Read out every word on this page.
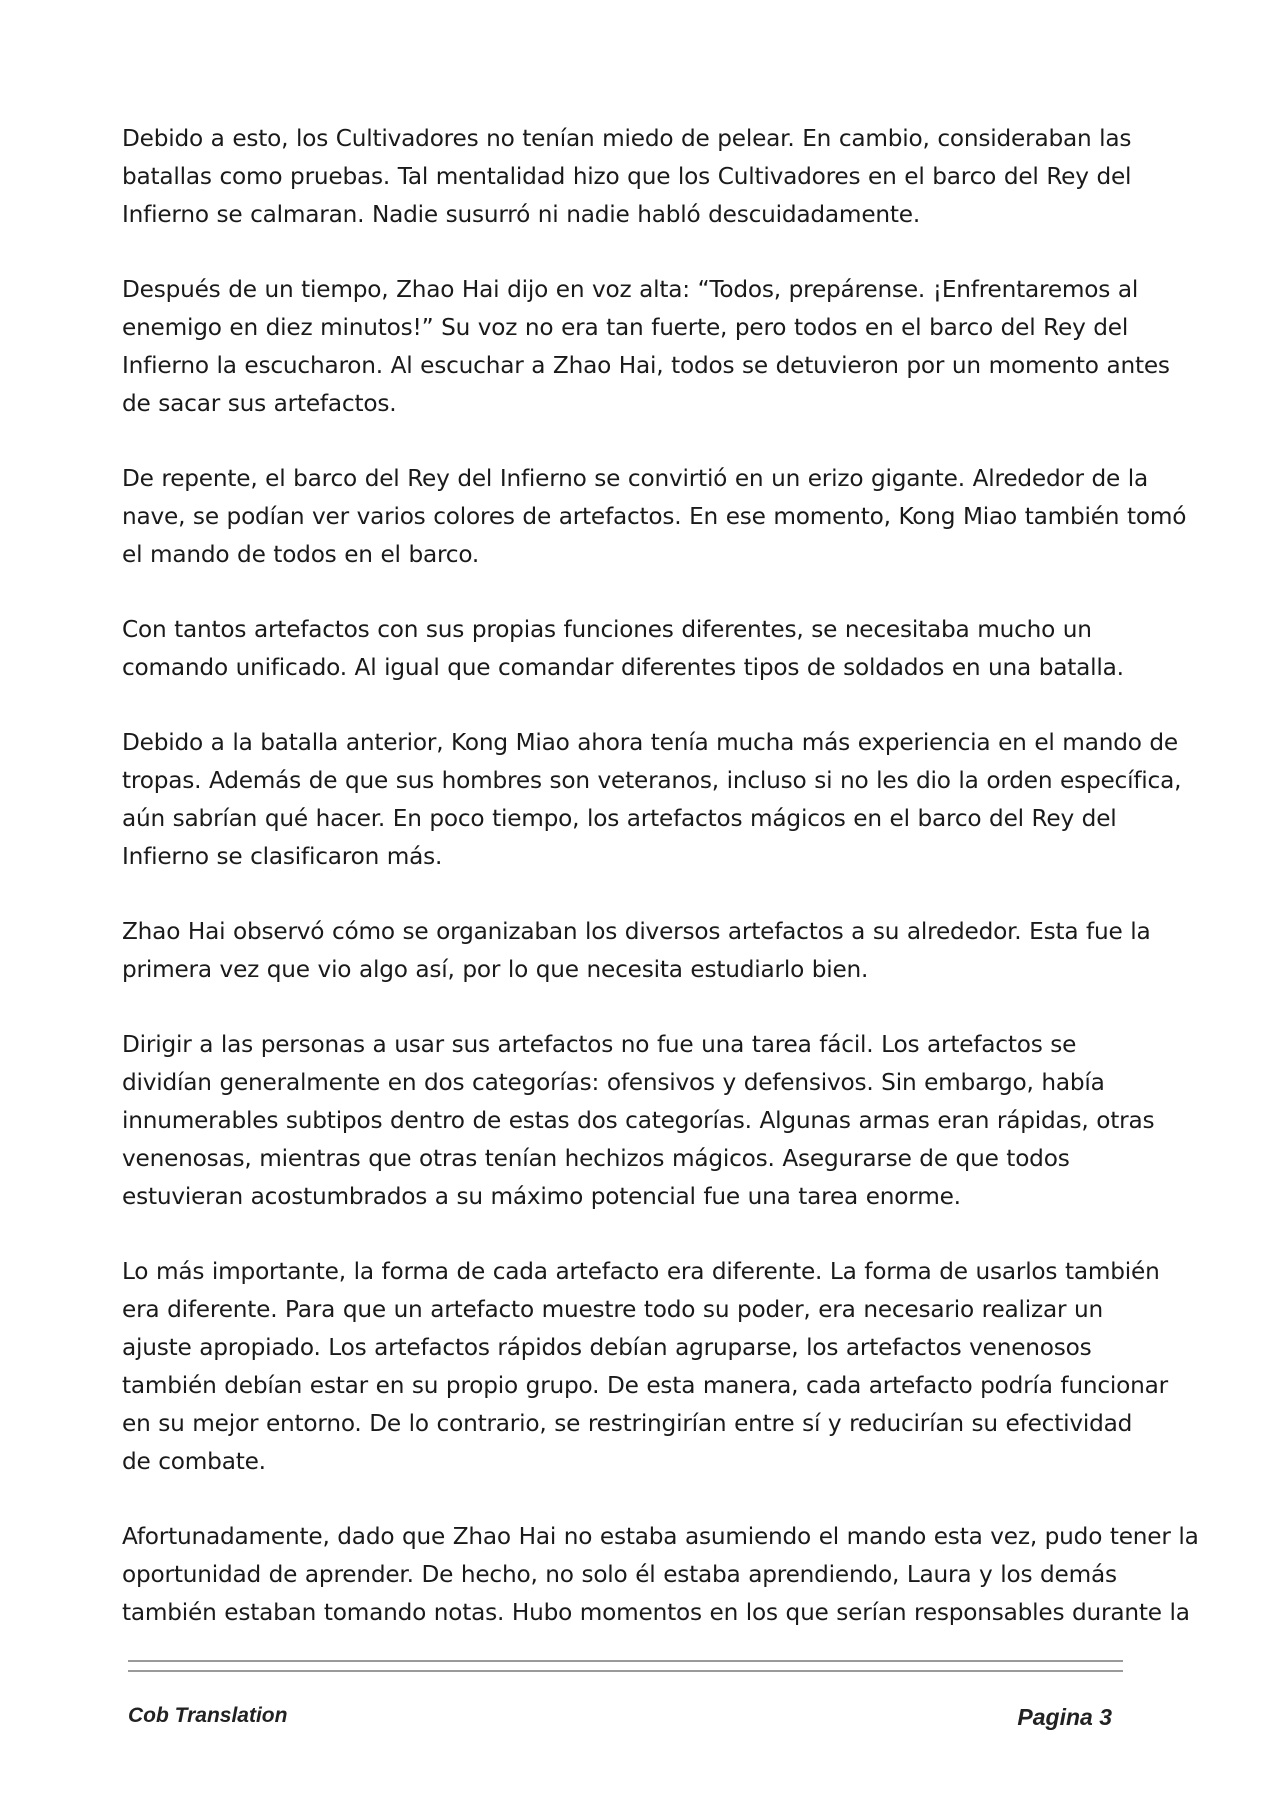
Debido a esto, los Cultivadores no tenían miedo de pelear. En cambio, consideraban las
batallas como pruebas. Tal mentalidad hizo que los Cultivadores en el barco del Rey del
Infierno se calmaran. Nadie susurró ni nadie habló descuidadamente.

Después de un tiempo, Zhao Hai dijo en voz alta: “Todos, prepárense. ¡Enfrentaremos al
enemigo en diez minutos!” Su voz no era tan fuerte, pero todos en el barco del Rey del
Infierno la escucharon. Al escuchar a Zhao Hai, todos se detuvieron por un momento antes
de sacar sus artefactos.

De repente, el barco del Rey del Infierno se convirtió en un erizo gigante. Alrededor de la
nave, se podían ver varios colores de artefactos. En ese momento, Kong Miao también tomó
el mando de todos en el barco.

Con tantos artefactos con sus propias funciones diferentes, se necesitaba mucho un
comando unificado. Al igual que comandar diferentes tipos de soldados en una batalla.

Debido a la batalla anterior, Kong Miao ahora tenía mucha más experiencia en el mando de
tropas. Además de que sus hombres son veteranos, incluso si no les dio la orden específica,
aún sabrían qué hacer. En poco tiempo, los artefactos mágicos en el barco del Rey del
Infierno se clasificaron más.

Zhao Hai observó cómo se organizaban los diversos artefactos a su alrededor. Esta fue la
primera vez que vio algo así, por lo que necesita estudiarlo bien.

Dirigir a las personas a usar sus artefactos no fue una tarea fácil. Los artefactos se
dividían generalmente en dos categorías: ofensivos y defensivos. Sin embargo, había
innumerables subtipos dentro de estas dos categorías. Algunas armas eran rápidas, otras
venenosas, mientras que otras tenían hechizos mágicos. Asegurarse de que todos
estuvieran acostumbrados a su máximo potencial fue una tarea enorme.

Lo más importante, la forma de cada artefacto era diferente. La forma de usarlos también
era diferente. Para que un artefacto muestre todo su poder, era necesario realizar un
ajuste apropiado. Los artefactos rápidos debían agruparse, los artefactos venenosos
también debían estar en su propio grupo. De esta manera, cada artefacto podría funcionar
en su mejor entorno. De lo contrario, se restringirían entre sí y reducirían su efectividad
de combate.

Afortunadamente, dado que Zhao Hai no estaba asumiendo el mando esta vez, pudo tener la
oportunidad de aprender. De hecho, no solo él estaba aprendiendo, Laura y los demás
también estaban tomando notas. Hubo momentos en los que serían responsables durante la

Cob Translation	Pagina 3
